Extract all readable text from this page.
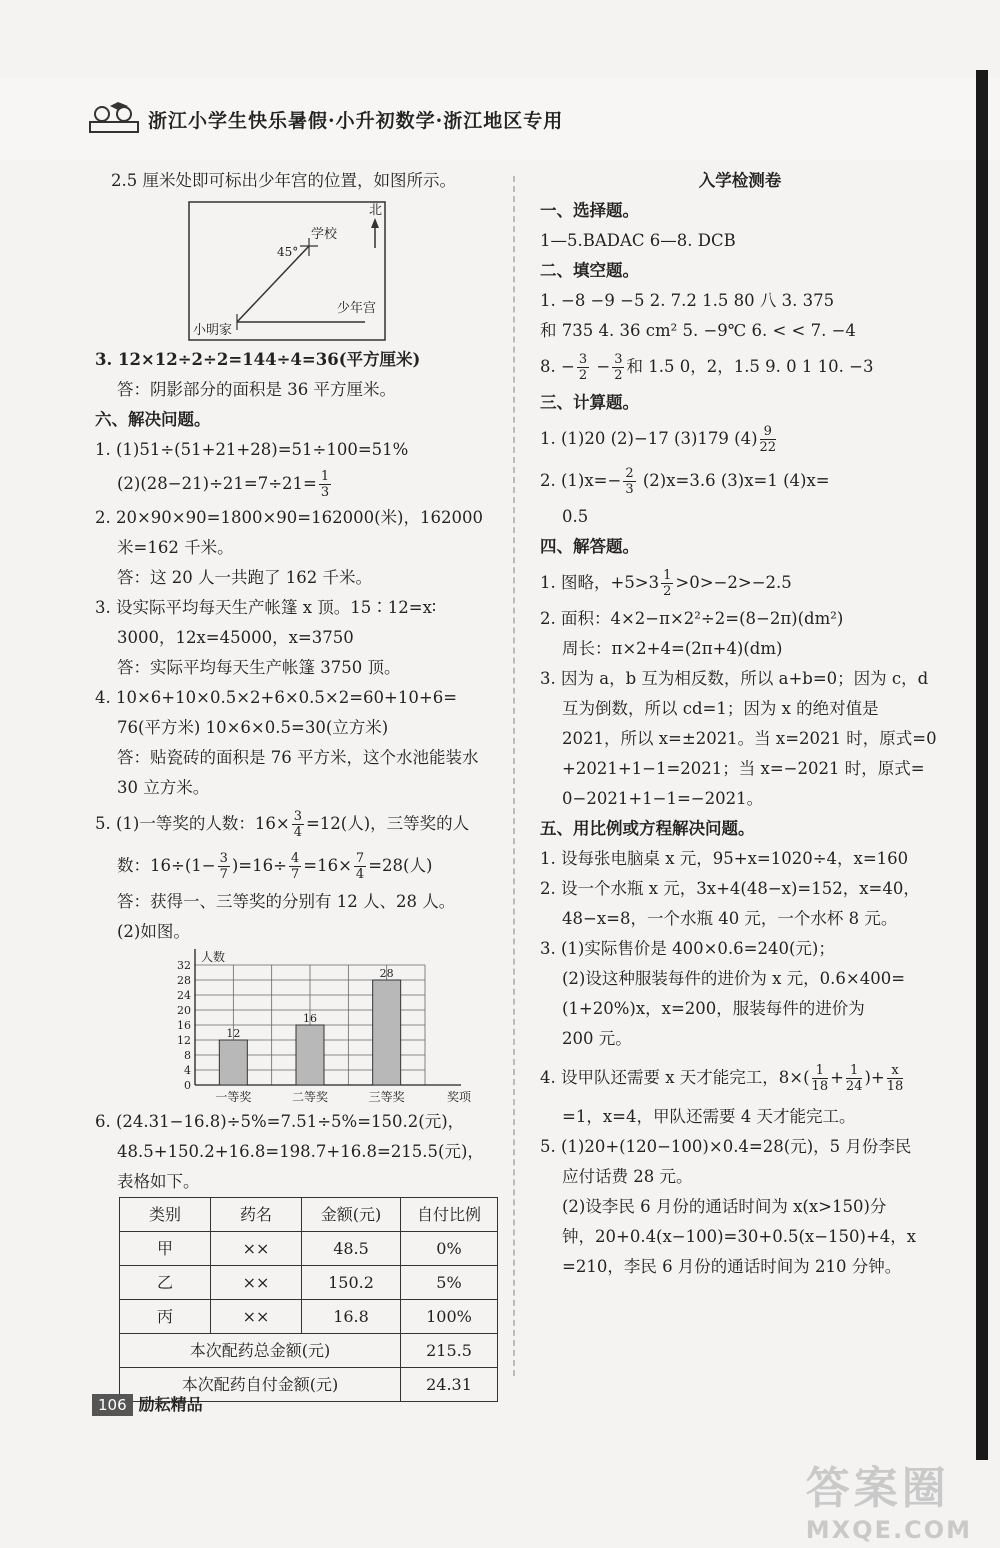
浙江小学生快乐暑假·小升初数学·浙江地区专用

2.5 厘米处即可标出少年宫的位置，如图所示。

北
学校
45°
小明家
少年宫

3. 12×12÷2÷2=144÷4=36(平方厘米)

答：阴影部分的面积是 36 平方厘米。

六、解决问题。

1. (1)51÷(51+21+28)=51÷100=51%

$(2)(28-21)\div 21=7\div 21= \frac{1}{3}$

2. 20×90×90=1800×90=162000(米)，162000

米=162 千米。

答：这 20 人一共跑了 162 千米。

3. 设实际平均每天生产帐篷 x 顶。15∶12=x∶

3000，12x=45000，x=3750

答：实际平均每天生产帐篷 3750 顶。

4. 10×6+10×0.5×2+6×0.5×2=60+10+6=

76(平方米) 10×6×0.5=30(立方米)

答：贴瓷砖的面积是 76 平方米，这个水池能装水

30 立方米。

5. (1)一等奖的人数：$16\times \frac{3}{4} =12$(人)，三等奖的人

数：$16\div(1- \frac{3}{7} )=16\div \frac{4}{7} =16\times \frac{7}{4} =28$(人)

答：获得一、三等奖的分别有 12 人、28 人。

(2)如图。

0
4
8
12
16
20
24
28
32
人数
奖项
12
一等奖
16
二等奖
28
三等奖

6. (24.31−16.8)÷5%=7.51÷5%=150.2(元)，

48.5+150.2+16.8=198.7+16.8=215.5(元)，

表格如下。

类别	药名	金额(元)	自付比例
甲	××	48.5	0%
乙	××	150.2	5%
丙	××	16.8	100%
本次配药总金额(元)			215.5
本次配药自付金额(元)			24.31

入学检测卷

一、选择题。

1—5.BADAC 6—8. DCB

二、填空题。

1. −8 −9 −5 2. 7.2 1.5 80 八 3. 375

和 735 4. 36 cm² 5. −9℃ 6. < < 7. −4

8. − $\frac{3}{2} - \frac{3}{2}$ 和 1.5 0，2，1.5 9. 0 1 10. −3

三、计算题。

1. (1)20 (2)−17 (3)179 $(4) \frac{9}{22}$

2. $(1)x=- \frac{2}{3} (2)x=3.6$ (3)x=1 (4)x=

0.5

四、解答题。

1. 图略，$+5>3 \frac{1}{2} >0>-2>-2.5$

2. 面积：4×2−π×2²÷2=(8−2π)(dm²)

周长：π×2+4=(2π+4)(dm)

3. 因为 a，b 互为相反数，所以 a+b=0；因为 c，d

互为倒数，所以 cd=1；因为 x 的绝对值是

2021，所以 x=±2021。当 x=2021 时，原式=0

+2021+1−1=2021；当 x=−2021 时，原式=

0−2021+1−1=−2021。

五、用比例或方程解决问题。

1. 设每张电脑桌 x 元，95+x=1020÷4，x=160

2. 设一个水瓶 x 元，3x+4(48−x)=152，x=40，

48−x=8，一个水瓶 40 元，一个水杯 8 元。

3. (1)实际售价是 400×0.6=240(元)；

(2)设这种服装每件的进价为 x 元，0.6×400=

(1+20%)x，x=200，服装每件的进价为

200 元。

4. 设甲队还需要 x 天才能完工，$8\times( \frac{1}{18} + \frac{1}{24}$ )+ $\frac{x}{18}$

=1，x=4，甲队还需要 4 天才能完工。

5. (1)20+(120−100)×0.4=28(元)，5 月份李民

应付话费 28 元。

(2)设李民 6 月份的通话时间为 x(x>150)分

钟，20+0.4(x−100)=30+0.5(x−150)+4，x

=210，李民 6 月份的通话时间为 210 分钟。

106 励耘精品
答案圈
MXQE.COM
